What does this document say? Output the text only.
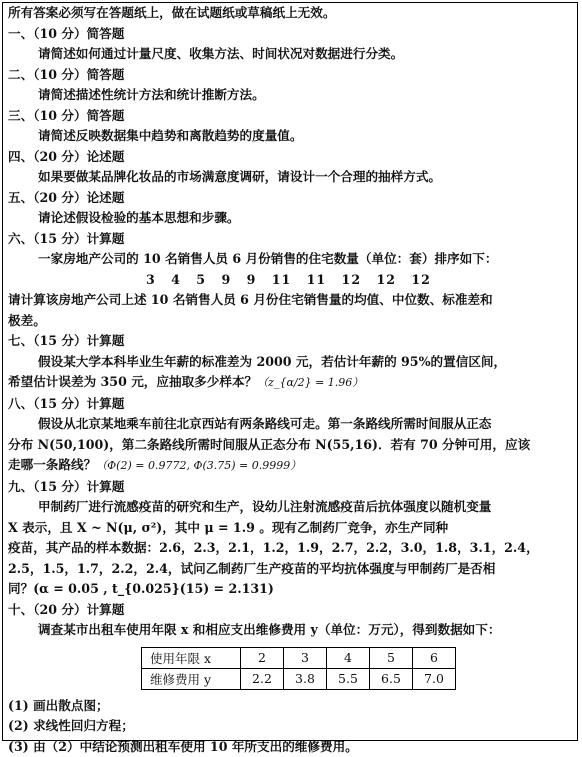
所有答案必须写在答题纸上，做在试题纸或草稿纸上无效。
一、（10 分）简答题
请简述如何通过计量尺度、收集方法、时间状况对数据进行分类。
二、（10 分）简答题
请简述描述性统计方法和统计推断方法。
三、（10 分）简答题
请简述反映数据集中趋势和离散趋势的度量值。
四、（20 分）论述题
如果要做某品牌化妆品的市场满意度调研，请设计一个合理的抽样方式。
五、（20 分）论述题
请论述假设检验的基本思想和步骤。
六、（15 分）计算题
一家房地产公司的 10 名销售人员 6 月份销售的住宅数量（单位：套）排序如下：
3 4 5 9 9 11 11 12 12 12
请计算该房地产公司上述 10 名销售人员 6 月份住宅销售量的均值、中位数、标准差和
极差。
七、（15 分）计算题
假设某大学本科毕业生年薪的标准差为 2000 元，若估计年薪的 95%的置信区间，
希望估计误差为 350 元，应抽取多少样本？（z_{α/2} = 1.96）
八、（15 分）计算题
假设从北京某地乘车前往北京西站有两条路线可走。第一条路线所需时间服从正态
分布 N(50,100)，第二条路线所需时间服从正态分布 N(55,16)．若有 70 分钟可用，应该
走哪一条路线？（Φ(2) = 0.9772, Φ(3.75) = 0.9999）
九、（15 分）计算题
甲制药厂进行流感疫苗的研究和生产，设幼儿注射流感疫苗后抗体强度以随机变量
X 表示，且 X ~ N(μ, σ²)，其中 μ = 1.9 。现有乙制药厂竞争，亦生产同种
疫苗，其产品的样本数据：2.6，2.3，2.1，1.2，1.9，2.7，2.2，3.0，1.8，3.1，2.4，
2.5，1.5，1.7，2.2，2.4，试问乙制药厂生产疫苗的平均抗体强度与甲制药厂是否相
同？(α = 0.05 , t_{0.025}(15) = 2.131)
十、（20 分）计算题
调查某市出租车使用年限 x 和相应支出维修费用 y（单位：万元），得到数据如下：
使用年限 x	2	3	4	5	6
维修费用 y	2.2	3.8	5.5	6.5	7.0
(1) 画出散点图；
(2) 求线性回归方程；
(3) 由（2）中结论预测出租车使用 10 年所支出的维修费用。
